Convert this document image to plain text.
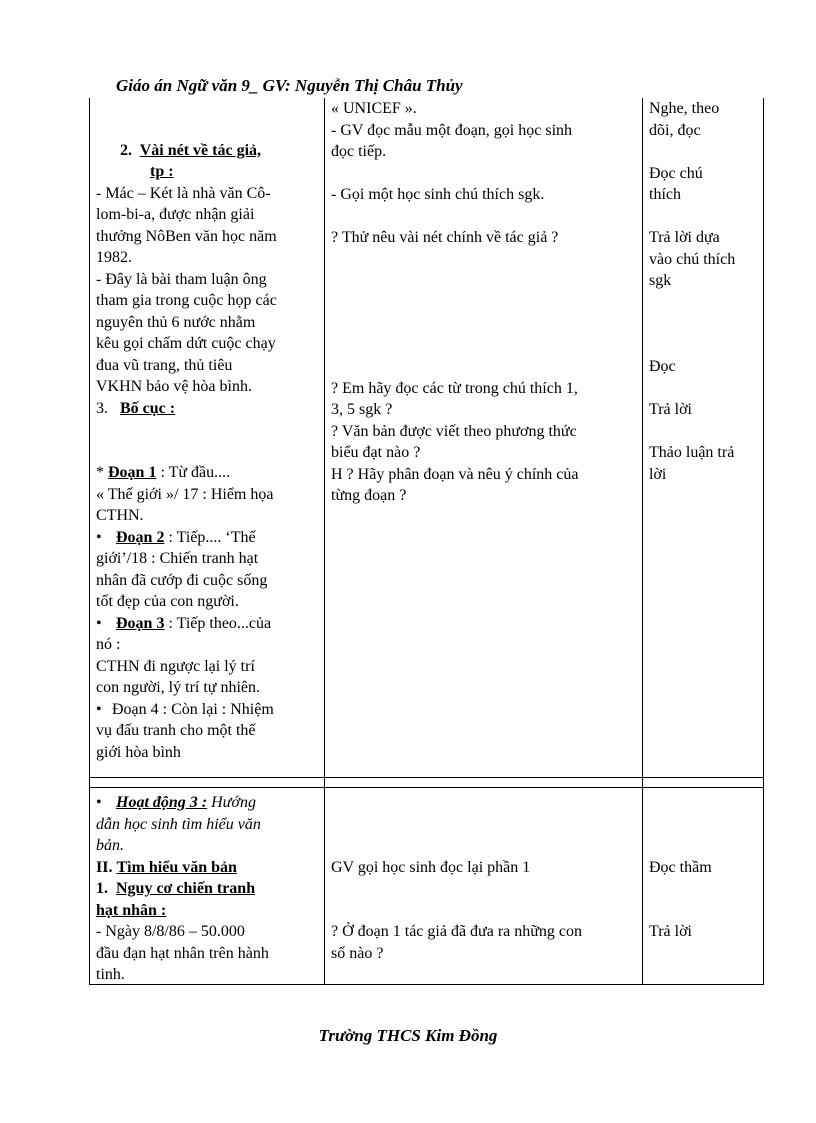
Giáo án Ngữ văn 9_ GV: Nguyễn Thị Châu Thủy
2. Vài nét về tác giả,
tp :
- Mác – Két là nhà văn Cô-
lom-bi-a, được nhận giải
thưởng NôBen văn học năm
1982.
- Đây là bài tham luận ông
tham gia trong cuộc họp các
nguyên thủ 6 nước nhằm
kêu gọi chấm dứt cuộc chạy
đua vũ trang, thủ tiêu
VKHN bảo vệ hòa bình.
3. Bố cục :
* Đoạn 1 : Từ đầu....
« Thế giới »/ 17 : Hiểm họa
CTHN.
• Đoạn 2 : Tiếp.... ‘Thế
giới’/18 : Chiến tranh hạt
nhân đã cướp đi cuộc sống
tốt đẹp của con người.
• Đoạn 3 : Tiếp theo...của
nó :
CTHN đi ngược lại lý trí
con người, lý trí tự nhiên.
• Đoạn 4 : Còn lại : Nhiệm
vụ đấu tranh cho một thế
giới hòa bình
« UNICEF ».
- GV đọc mẫu một đoạn, gọi học sinh
đọc tiếp.
- Gọi một học sinh chú thích sgk.
? Thử nêu vài nét chính về tác giả ?
? Em hãy đọc các từ trong chú thích 1,
3, 5 sgk ?
? Văn bản được viết theo phương thức
biểu đạt nào ?
H ? Hãy phân đoạn và nêu ý chính của
từng đoạn ?
Nghe, theo
dõi, đọc
Đọc chú
thích
Trả lời dựa
vào chú thích
sgk
Đọc
Trả lời
Thảo luận trả
lời
• Hoạt động 3 : Hướng
dẫn học sinh tìm hiểu văn
bản.
II. Tìm hiểu văn bản
1. Nguy cơ chiến tranh
hạt nhân :
- Ngày 8/8/86 – 50.000
đầu đạn hạt nhân trên hành
tinh.
GV gọi học sinh đọc lại phần 1
? Ở đoạn 1 tác giả đã đưa ra những con
số nào ?
Đọc thầm
Trả lời
Trường THCS Kim Đồng
